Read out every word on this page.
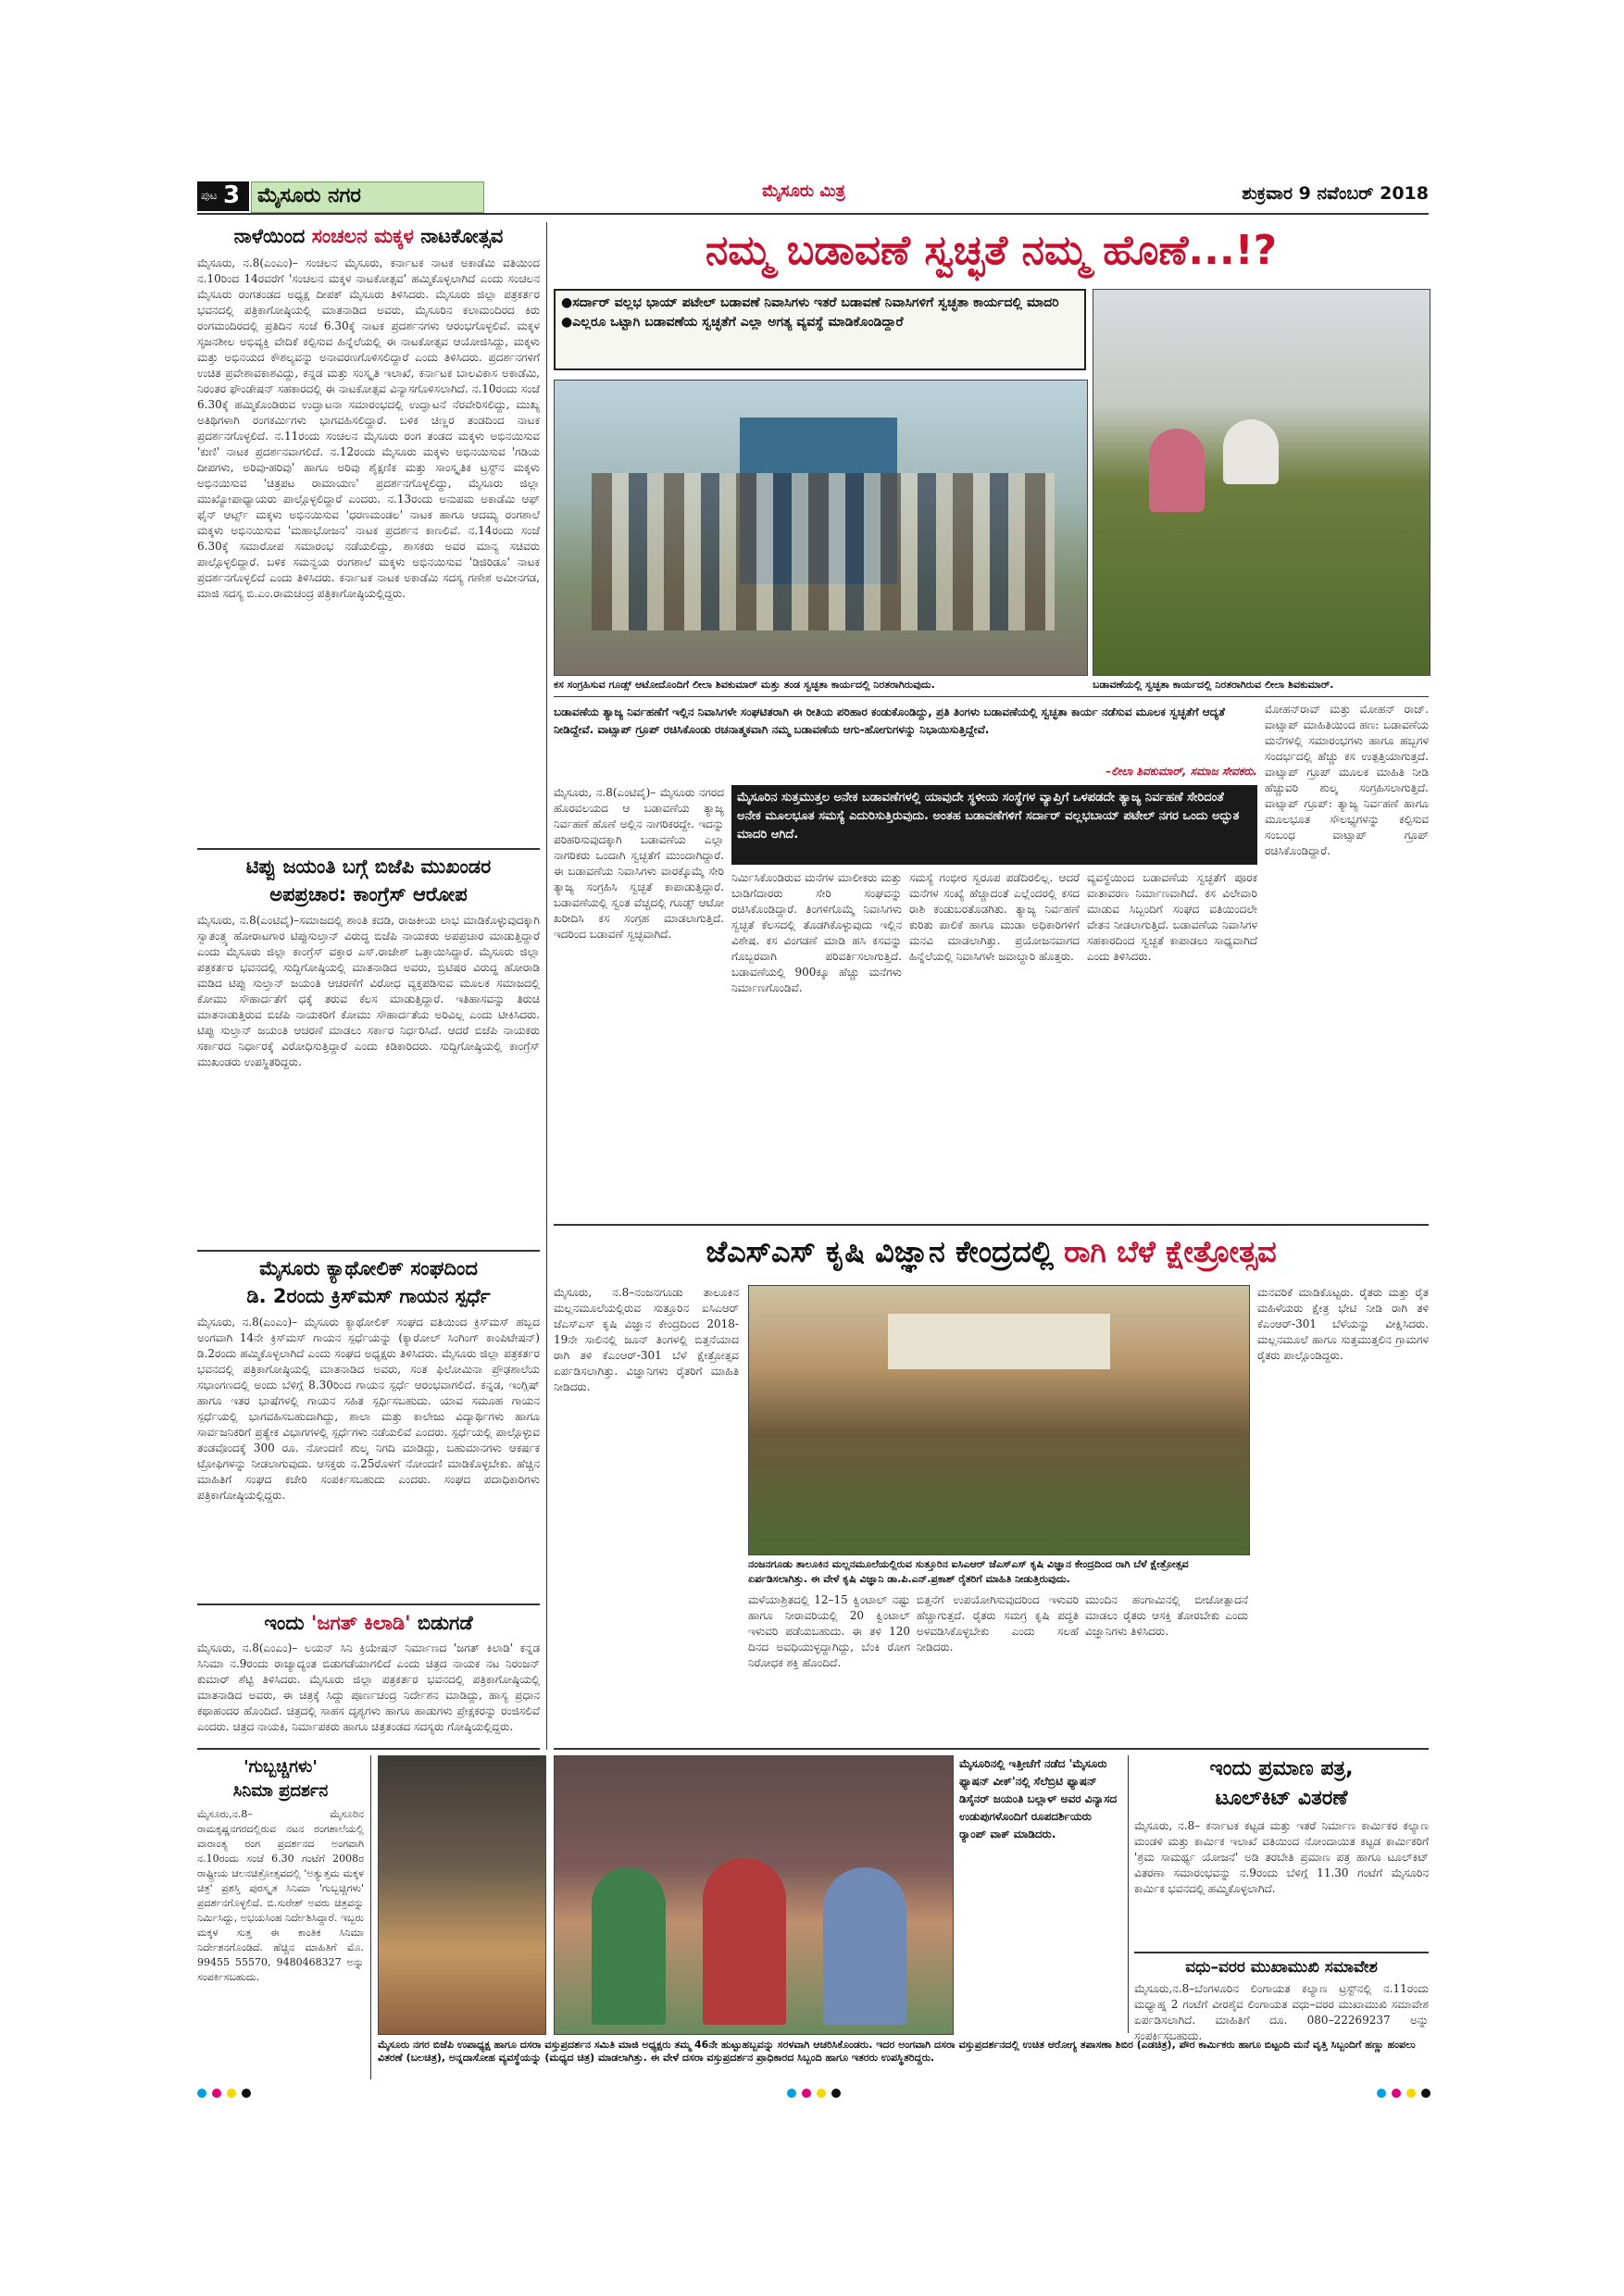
ಪುಟ 3 ಮೈಸೂರು ನಗರ	ಮೈಸೂರು ಮಿತ್ರ	ಶುಕ್ರವಾರ 9 ನವೆಂಬರ್ 2018
ನಾಳೆಯಿಂದ ಸಂಚಲನ ಮಕ್ಕಳ ನಾಟಕೋತ್ಸವ
ಮೈಸೂರು, ನ.8(ಎಂಎಂ)– ಸಂಚಲನ ಮೈಸೂರು, ಕರ್ನಾಟಕ ನಾಟಕ ಅಕಾಡೆಮಿ ವತಿಯಿಂದ ನ.10ರಿಂದ 14ರವರೆಗೆ 'ಸಂಚಲನ ಮಕ್ಕಳ ನಾಟಕೋತ್ಸವ' ಹಮ್ಮಿಕೊಳ್ಳಲಾಗಿದೆ ಎಂದು ಸಂಚಲನ ಮೈಸೂರು ರಂಗತಂಡದ ಅಧ್ಯಕ್ಷ ದೀಪಕ್ ಮೈಸೂರು ತಿಳಿಸಿದರು. ಮೈಸೂರು ಜಿಲ್ಲಾ ಪತ್ರಕರ್ತರ ಭವನದಲ್ಲಿ ಪತ್ರಿಕಾಗೋಷ್ಠಿಯಲ್ಲಿ ಮಾತನಾಡಿದ ಅವರು, ಮೈಸೂರಿನ ಕಲಾಮಂದಿರದ ಕಿರು ರಂಗಮಂದಿರದಲ್ಲಿ ಪ್ರತಿದಿನ ಸಂಜೆ 6.30ಕ್ಕೆ ನಾಟಕ ಪ್ರದರ್ಶನಗಳು ಆರಂಭಗೊಳ್ಳಲಿವೆ. ಮಕ್ಕಳ ಸೃಜನಶೀಲ ಅಭಿವ್ಯಕ್ತಿ ವೇದಿಕೆ ಕಲ್ಪಿಸುವ ಹಿನ್ನೆಲೆಯಲ್ಲಿ ಈ ನಾಟಕೋತ್ಸವ ಆಯೋಜಿಸಿದ್ದು, ಮಕ್ಕಳು ಮತ್ತು ಅಭಿನಯದ ಕೌಶಲ್ಯವನ್ನು ಅನಾವರಣಗೊಳಿಸಲಿದ್ದಾರೆ ಎಂದು ತಿಳಿಸಿದರು. ಪ್ರದರ್ಶನಗಳಿಗೆ ಉಚಿತ ಪ್ರವೇಶಾವಕಾಶವಿದ್ದು, ಕನ್ನಡ ಮತ್ತು ಸಂಸ್ಕೃತಿ ಇಲಾಖೆ, ಕರ್ನಾಟಕ ಬಾಲವಿಕಾಸ ಅಕಾಡೆಮಿ, ನಿರಂತರ ಫೌಂಡೇಷನ್ ಸಹಕಾರದಲ್ಲಿ ಈ ನಾಟಕೋತ್ಸವ ವಿನ್ಯಾಸಗೊಳಿಸಲಾಗಿದೆ. ನ.10ರಂದು ಸಂಜೆ 6.30ಕ್ಕೆ ಹಮ್ಮಿಕೊಂಡಿರುವ ಉದ್ಘಾಟನಾ ಸಮಾರಂಭದಲ್ಲಿ ಉದ್ಘಾಟನೆ ನೆರವೇರಿಸಲಿದ್ದು, ಮುಖ್ಯ ಅತಿಥಿಗಳಾಗಿ ರಂಗಕರ್ಮಿಗಳು ಭಾಗವಹಿಸಲಿದ್ದಾರೆ. ಬಳಿಕ ಚಿಣ್ಣರ ತಂಡದಿಂದ ನಾಟಕ ಪ್ರದರ್ಶನಗೊಳ್ಳಲಿದೆ. ನ.11ರಂದು ಸಂಚಲನ ಮೈಸೂರು ರಂಗ ತಂಡದ ಮಕ್ಕಳು ಅಭಿನಯಿಸುವ 'ಕುಣಿ' ನಾಟಕ ಪ್ರದರ್ಶನವಾಗಲಿದೆ. ನ.12ರಂದು ಮೈಸೂರು ಮಕ್ಕಳು ಅಭಿನಯಿಸುವ 'ಗಡಿಯ ದೀಪಗಳು, ಅರಿವು-ಹರಿವು' ಹಾಗೂ ಅರಿವು ಶೈಕ್ಷಣಿಕ ಮತ್ತು ಸಾಂಸ್ಕೃತಿಕ ಟ್ರಸ್ಟ್‌ನ ಮಕ್ಕಳು ಅಭಿನಯಿಸುವ 'ಚಿತ್ರಪಟ ರಾಮಾಯಣ' ಪ್ರದರ್ಶನಗೊಳ್ಳಲಿದ್ದು, ಮೈಸೂರು ಜಿಲ್ಲಾ ಮುಖ್ಯೋಪಾಧ್ಯಾಯರು ಪಾಲ್ಗೊಳ್ಳಲಿದ್ದಾರೆ ಎಂದರು. ನ.13ರಂದು ಅನುಪಮ ಅಕಾಡೆಮಿ ಆಫ್ ಫೈನ್ ಆರ್ಟ್ಸ್ ಮಕ್ಕಳು ಅಭಿನಯಿಸುವ 'ಧರಣಮಂಡಲ' ನಾಟಕ ಹಾಗೂ ಆದಮ್ಯ ರಂಗಶಾಲೆ ಮಕ್ಕಳು ಅಭಿನಯಿಸುವ 'ಮಹಾಭೋಜನ' ನಾಟಕ ಪ್ರದರ್ಶನ ಕಾಣಲಿವೆ. ನ.14ರಂದು ಸಂಜೆ 6.30ಕ್ಕೆ ಸಮಾರೋಪ ಸಮಾರಂಭ ನಡೆಯಲಿದ್ದು, ಶಾಸಕರು ಅವರ ಮಾನ್ಯ ಸಚಿವರು ಪಾಲ್ಗೊಳ್ಳಲಿದ್ದಾರೆ. ಬಳಿಕ ಸಮನ್ವಯ ರಂಗಶಾಲೆ ಮಕ್ಕಳು ಅಭಿನಯಿಸುವ 'ಡಿಜಿರಿಡೂ' ನಾಟಕ ಪ್ರದರ್ಶನಗೊಳ್ಳಲಿದೆ ಎಂದು ತಿಳಿಸಿದರು. ಕರ್ನಾಟಕ ನಾಟಕ ಅಕಾಡೆಮಿ ಸದಸ್ಯ ಗಣೇಶ ಅಮೀನಗಡ, ಮಾಜಿ ಸದಸ್ಯ ಬಿ.ಎಂ.ರಾಮಚಂದ್ರ ಪತ್ರಿಕಾಗೋಷ್ಠಿಯಲ್ಲಿದ್ದರು.
ಟಿಪ್ಪು ಜಯಂತಿ ಬಗ್ಗೆ ಬಿಜೆಪಿ ಮುಖಂಡರ
ಅಪಪ್ರಚಾರ: ಕಾಂಗ್ರೆಸ್ ಆರೋಪ
ಮೈಸೂರು, ನ.8(ಎಂಟಿವೈ)–ಸಮಾಜದಲ್ಲಿ ಶಾಂತಿ ಕದಡಿ, ರಾಜಕೀಯ ಲಾಭ ಮಾಡಿಕೊಳ್ಳುವುದಕ್ಕಾಗಿ ಸ್ವಾತಂತ್ರ್ಯ ಹೋರಾಟಗಾರ ಟಿಪ್ಪುಸುಲ್ತಾನ್ ವಿರುದ್ಧ ಬಿಜೆಪಿ ನಾಯಕರು ಅಪಪ್ರಚಾರ ಮಾಡುತ್ತಿದ್ದಾರೆ ಎಂದು ಮೈಸೂರು ಜಿಲ್ಲಾ ಕಾಂಗ್ರೆಸ್ ವಕ್ತಾರ ಎಸ್.ರಾಜೇಶ್ ಒತ್ತಾಯಿಸಿದ್ದಾರೆ. ಮೈಸೂರು ಜಿಲ್ಲಾ ಪತ್ರಕರ್ತರ ಭವನದಲ್ಲಿ ಸುದ್ದಿಗೋಷ್ಠಿಯಲ್ಲಿ ಮಾತನಾಡಿದ ಅವರು, ಬ್ರಿಟಿಷರ ವಿರುದ್ಧ ಹೋರಾಡಿ ಮಡಿದ ಟಿಪ್ಪು ಸುಲ್ತಾನ್ ಜಯಂತಿ ಆಚರಣೆಗೆ ವಿರೋಧ ವ್ಯಕ್ತಪಡಿಸುವ ಮೂಲಕ ಸಮಾಜದಲ್ಲಿ ಕೋಮು ಸೌಹಾರ್ದತೆಗೆ ಧಕ್ಕೆ ತರುವ ಕೆಲಸ ಮಾಡುತ್ತಿದ್ದಾರೆ. ಇತಿಹಾಸವನ್ನು ತಿರುಚಿ ಮಾತನಾಡುತ್ತಿರುವ ಬಿಜೆಪಿ ನಾಯಕರಿಗೆ ಕೋಮು ಸೌಹಾರ್ದತೆಯ ಅರಿವಿಲ್ಲ ಎಂದು ಟೀಕಿಸಿದರು. ಟಿಪ್ಪು ಸುಲ್ತಾನ್ ಜಯಂತಿ ಆಚರಣೆ ಮಾಡಲು ಸರ್ಕಾರ ನಿರ್ಧರಿಸಿದೆ. ಆದರೆ ಬಿಜೆಪಿ ನಾಯಕರು ಸರ್ಕಾರದ ನಿರ್ಧಾರಕ್ಕೆ ವಿರೋಧಿಸುತ್ತಿದ್ದಾರೆ ಎಂದು ಕಿಡಿಕಾರಿದರು. ಸುದ್ದಿಗೋಷ್ಠಿಯಲ್ಲಿ ಕಾಂಗ್ರೆಸ್ ಮುಖಂಡರು ಉಪಸ್ಥಿತರಿದ್ದರು.
ಮೈಸೂರು ಕ್ಯಾಥೋಲಿಕ್ ಸಂಘದಿಂದ
ಡಿ. 2ರಂದು ಕ್ರಿಸ್‌ಮಸ್ ಗಾಯನ ಸ್ಪರ್ಧೆ
ಮೈಸೂರು, ನ.8(ಎಂಎಂ)– ಮೈಸೂರು ಕ್ಯಾಥೋಲಿಕ್ ಸಂಘದ ವತಿಯಿಂದ ಕ್ರಿಸ್‌ಮಸ್ ಹಬ್ಬದ ಅಂಗವಾಗಿ 14ನೇ ಕ್ರಿಸ್‌ಮಸ್ ಗಾಯನ ಸ್ಪರ್ಧೆಯನ್ನು (ಕ್ಯಾರೋಲ್ ಸಿಂಗಿಂಗ್ ಕಾಂಪಿಟೇಷನ್) ಡಿ.2ರಂದು ಹಮ್ಮಿಕೊಳ್ಳಲಾಗಿದೆ ಎಂದು ಸಂಘದ ಅಧ್ಯಕ್ಷರು ತಿಳಿಸಿದರು. ಮೈಸೂರು ಜಿಲ್ಲಾ ಪತ್ರಕರ್ತರ ಭವನದಲ್ಲಿ ಪತ್ರಿಕಾಗೋಷ್ಠಿಯಲ್ಲಿ ಮಾತನಾಡಿದ ಅವರು, ಸಂತ ಫಿಲೋಮಿನಾ ಪ್ರೌಢಶಾಲೆಯ ಸಭಾಂಗಣದಲ್ಲಿ ಅಂದು ಬೆಳಿಗ್ಗೆ 8.30ರಿಂದ ಗಾಯನ ಸ್ಪರ್ಧೆ ಆರಂಭವಾಗಲಿದೆ. ಕನ್ನಡ, ಇಂಗ್ಲಿಷ್ ಹಾಗೂ ಇತರ ಭಾಷೆಗಳಲ್ಲಿ ಗಾಯನ ಸಹಿತ ಸ್ಪರ್ಧಿಸಬಹುದು. ಯಾವ ಸಮೂಹ ಗಾಯನ ಸ್ಪರ್ಧೆಯಲ್ಲಿ ಭಾಗವಹಿಸಬಹುದಾಗಿದ್ದು, ಶಾಲಾ ಮತ್ತು ಕಾಲೇಜು ವಿದ್ಯಾರ್ಥಿಗಳು ಹಾಗೂ ಸಾರ್ವಜನಿಕರಿಗೆ ಪ್ರತ್ಯೇಕ ವಿಭಾಗಗಳಲ್ಲಿ ಸ್ಪರ್ಧೆಗಳು ನಡೆಯಲಿವೆ ಎಂದರು. ಸ್ಪರ್ಧೆಯಲ್ಲಿ ಪಾಲ್ಗೊಳ್ಳುವ ತಂಡವೊಂದಕ್ಕೆ 300 ರೂ. ನೋಂದಣಿ ಶುಲ್ಕ ನಿಗದಿ ಮಾಡಿದ್ದು, ಬಹುಮಾನಗಳು ಆಕರ್ಷಕ ಟ್ರೋಫಿಗಳನ್ನು ನೀಡಲಾಗುವುದು. ಆಸಕ್ತರು ನ.25ರೊಳಗೆ ನೋಂದಣಿ ಮಾಡಿಕೊಳ್ಳಬೇಕು. ಹೆಚ್ಚಿನ ಮಾಹಿತಿಗೆ ಸಂಘದ ಕಚೇರಿ ಸಂಪರ್ಕಿಸಬಹುದು ಎಂದರು. ಸಂಘದ ಪದಾಧಿಕಾರಿಗಳು ಪತ್ರಿಕಾಗೋಷ್ಠಿಯಲ್ಲಿದ್ದರು.
ಇಂದು 'ಜಗತ್ ಕಿಲಾಡಿ' ಬಿಡುಗಡೆ
ಮೈಸೂರು, ನ.8(ಎಂಎಂ)– ಲಯನ್ ಸಿನಿ ಕ್ರಿಯೇಷನ್ ನಿರ್ಮಾಣದ 'ಜಗತ್ ಕಿಲಾಡಿ' ಕನ್ನಡ ಸಿನಿಮಾ ನ.9ರಂದು ರಾಜ್ಯಾದ್ಯಂತ ಬಿಡುಗಡೆಯಾಗಲಿದೆ ಎಂದು ಚಿತ್ರದ ನಾಯಕ ನಟ ನಿರಂಜನ್ ಕುಮಾರ್ ಶೆಟ್ಟಿ ತಿಳಿಸಿದರು. ಮೈಸೂರು ಜಿಲ್ಲಾ ಪತ್ರಕರ್ತರ ಭವನದಲ್ಲಿ ಪತ್ರಿಕಾಗೋಷ್ಠಿಯಲ್ಲಿ ಮಾತನಾಡಿದ ಅವರು, ಈ ಚಿತ್ರಕ್ಕೆ ಸಿದ್ದು ಪೂರ್ಣಚಂದ್ರ ನಿರ್ದೇಶನ ಮಾಡಿದ್ದು, ಹಾಸ್ಯ ಪ್ರಧಾನ ಕಥಾಹಂದರ ಹೊಂದಿದೆ. ಚಿತ್ರದಲ್ಲಿ ಸಾಹಸ ದೃಶ್ಯಗಳು ಹಾಗೂ ಹಾಡುಗಳು ಪ್ರೇಕ್ಷಕರನ್ನು ರಂಜಿಸಲಿವೆ ಎಂದರು. ಚಿತ್ರದ ನಾಯಕಿ, ನಿರ್ಮಾಪಕರು ಹಾಗೂ ಚಿತ್ರತಂಡದ ಸದಸ್ಯರು ಗೋಷ್ಠಿಯಲ್ಲಿದ್ದರು.
ನಮ್ಮ ಬಡಾವಣೆ ಸ್ವಚ್ಛತೆ ನಮ್ಮ ಹೊಣೆ...!?
●ಸರ್ದಾರ್ ವಲ್ಲಭ ಭಾಯ್ ಪಟೇಲ್ ಬಡಾವಣೆ ನಿವಾಸಿಗಳು ಇತರೆ ಬಡಾವಣೆ ನಿವಾಸಿಗಳಿಗೆ ಸ್ವಚ್ಛತಾ ಕಾರ್ಯದಲ್ಲಿ ಮಾದರಿ ●ಎಲ್ಲರೂ ಒಟ್ಟಾಗಿ ಬಡಾವಣೆಯ ಸ್ವಚ್ಛತೆಗೆ ಎಲ್ಲಾ ಅಗತ್ಯ ವ್ಯವಸ್ಥೆ ಮಾಡಿಕೊಂಡಿದ್ದಾರೆ
ಕಸ ಸಂಗ್ರಹಿಸುವ ಗೂಡ್ಸ್ ಆಟೋದೊಂದಿಗೆ ಲೀಲಾ ಶಿವಕುಮಾರ್ ಮತ್ತು ತಂಡ ಸ್ವಚ್ಛತಾ ಕಾರ್ಯದಲ್ಲಿ ನಿರತರಾಗಿರುವುದು.	ಬಡಾವಣೆಯಲ್ಲಿ ಸ್ವಚ್ಛತಾ ಕಾರ್ಯದಲ್ಲಿ ನಿರತರಾಗಿರುವ ಲೀಲಾ ಶಿವಕುಮಾರ್.
ಬಡಾವಣೆಯ ತ್ಯಾಜ್ಯ ನಿರ್ವಹಣೆಗೆ ಇಲ್ಲಿನ ನಿವಾಸಿಗಳೇ ಸಂಘಟಿತರಾಗಿ ಈ ರೀತಿಯ ಪರಿಹಾರ ಕಂಡುಕೊಂಡಿದ್ದು, ಪ್ರತಿ ತಿಂಗಳು ಬಡಾವಣೆಯಲ್ಲಿ ಸ್ವಚ್ಛತಾ ಕಾರ್ಯ ನಡೆಸುವ ಮೂಲಕ ಸ್ವಚ್ಛತೆಗೆ ಆದ್ಯತೆ ನೀಡಿದ್ದೇವೆ. ವಾಟ್ಸಾಪ್ ಗ್ರೂಪ್ ರಚಿಸಿಕೊಂಡು ರಚನಾತ್ಮಕವಾಗಿ ನಮ್ಮ ಬಡಾವಣೆಯ ಆಗು-ಹೋಗುಗಳನ್ನು ನಿಭಾಯಿಸುತ್ತಿದ್ದೇವೆ.
–ಲೀಲಾ ಶಿವಕುಮಾರ್, ಸಮಾಜ ಸೇವಕರು.
ಮೈಸೂರಿನ ಸುತ್ತಮುತ್ತಲ ಅನೇಕ ಬಡಾವಣೆಗಳಲ್ಲಿ ಯಾವುದೇ ಸ್ಥಳೀಯ ಸಂಸ್ಥೆಗಳ ವ್ಯಾಪ್ತಿಗೆ ಒಳಪಡದೇ ತ್ಯಾಜ್ಯ ನಿರ್ವಹಣೆ ಸೇರಿದಂತೆ ಅನೇಕ ಮೂಲಭೂತ ಸಮಸ್ಯೆ ಎದುರಿಸುತ್ತಿರುವುದು. ಅಂತಹ ಬಡಾವಣೆಗಳಿಗೆ ಸರ್ದಾರ್ ವಲ್ಲಭಬಾಯ್ ಪಟೇಲ್ ನಗರ ಒಂದು ಅದ್ಭುತ ಮಾದರಿ ಆಗಿದೆ.
ಮೈಸೂರು, ನ.8(ಎಂಟಿವೈ)– ಮೈಸೂರು ನಗರದ ಹೊರವಲಯದ ಆ ಬಡಾವಣೆಯ ತ್ಯಾಜ್ಯ ನಿರ್ವಹಣೆ ಹೊಣೆ ಅಲ್ಲಿನ ನಾಗರಿಕರದ್ದೇ. ಇದನ್ನು ಪರಿಹರಿಸುವುದಕ್ಕಾಗಿ ಬಡಾವಣೆಯ ಎಲ್ಲಾ ನಾಗರಿಕರು ಒಂದಾಗಿ ಸ್ವಚ್ಛತೆಗೆ ಮುಂದಾಗಿದ್ದಾರೆ. ಈ ಬಡಾವಣೆಯ ನಿವಾಸಿಗಳು ವಾರಕ್ಕೊಮ್ಮೆ ಸೇರಿ ತ್ಯಾಜ್ಯ ಸಂಗ್ರಹಿಸಿ ಸ್ವಚ್ಛತೆ ಕಾಪಾಡುತ್ತಿದ್ದಾರೆ. ಬಡಾವಣೆಯಲ್ಲಿ ಸ್ವಂತ ವೆಚ್ಚದಲ್ಲಿ ಗೂಡ್ಸ್ ಆಟೋ ಖರೀದಿಸಿ ಕಸ ಸಂಗ್ರಹ ಮಾಡಲಾಗುತ್ತಿದೆ. ಇದರಿಂದ ಬಡಾವಣೆ ಸ್ವಚ್ಛವಾಗಿದೆ.
ನಿರ್ಮಿಸಿಕೊಂಡಿರುವ ಮನೆಗಳ ಮಾಲೀಕರು ಮತ್ತು ಬಾಡಿಗೆದಾರರು ಸೇರಿ ಸಂಘವನ್ನು ರಚಿಸಿಕೊಂಡಿದ್ದಾರೆ. ತಿಂಗಳಿಗೊಮ್ಮೆ ನಿವಾಸಿಗಳು ಸ್ವಚ್ಛತೆ ಕೆಲಸದಲ್ಲಿ ತೊಡಗಿಕೊಳ್ಳುವುದು ಇಲ್ಲಿನ ವಿಶೇಷ. ಕಸ ವಿಂಗಡಣೆ ಮಾಡಿ ಹಸಿ ಕಸವನ್ನು ಗೊಬ್ಬರವಾಗಿ ಪರಿವರ್ತಿಸಲಾಗುತ್ತಿದೆ. ಬಡಾವಣೆಯಲ್ಲಿ 900ಕ್ಕೂ ಹೆಚ್ಚು ಮನೆಗಳು ನಿರ್ಮಾಣಗೊಂಡಿವೆ.
ಸಮಸ್ಯೆ ಗಂಭೀರ ಸ್ವರೂಪ ಪಡೆದಿರಲಿಲ್ಲ. ಆದರೆ ಮನೆಗಳ ಸಂಖ್ಯೆ ಹೆಚ್ಚಾದಂತೆ ಎಲ್ಲೆಂದರಲ್ಲಿ ಕಸದ ರಾಶಿ ಕಂಡುಬರತೊಡಗಿತು. ತ್ಯಾಜ್ಯ ನಿರ್ವಹಣೆ ಕುರಿತು ಪಾಲಿಕೆ ಹಾಗೂ ಮುಡಾ ಅಧಿಕಾರಿಗಳಿಗೆ ಮನವಿ ಮಾಡಲಾಗಿತ್ತು. ಪ್ರಯೋಜನವಾಗದ ಹಿನ್ನೆಲೆಯಲ್ಲಿ ನಿವಾಸಿಗಳೇ ಜವಾಬ್ದಾರಿ ಹೊತ್ತರು.
ವ್ಯವಸ್ಥೆಯಿಂದ ಬಡಾವಣೆಯ ಸ್ವಚ್ಛತೆಗೆ ಪೂರಕ ವಾತಾವರಣ ನಿರ್ಮಾಣವಾಗಿದೆ. ಕಸ ವಿಲೇವಾರಿ ಮಾಡುವ ಸಿಬ್ಬಂದಿಗೆ ಸಂಘದ ವತಿಯಿಂದಲೇ ವೇತನ ನೀಡಲಾಗುತ್ತಿದೆ. ಬಡಾವಣೆಯ ನಿವಾಸಿಗಳ ಸಹಕಾರದಿಂದ ಸ್ವಚ್ಛತೆ ಕಾಪಾಡಲು ಸಾಧ್ಯವಾಗಿದೆ ಎಂದು ತಿಳಿಸಿದರು.
ಮೋಹನ್‌ರಾವ್ ಮತ್ತು ಮೋಹನ್ ರಾಜ್. ವಾಟ್ಸಾಪ್ ಮಾಹಿತಿಯಿಂದ ಹಣ: ಬಡಾವಣೆಯ ಮನೆಗಳಲ್ಲಿ ಸಮಾರಂಭಗಳು ಹಾಗೂ ಹಬ್ಬಗಳ ಸಂದರ್ಭದಲ್ಲಿ ಹೆಚ್ಚು ಕಸ ಉತ್ಪತ್ತಿಯಾಗುತ್ತದೆ. ವಾಟ್ಸಾಪ್ ಗ್ರೂಪ್ ಮೂಲಕ ಮಾಹಿತಿ ನೀಡಿ ಹೆಚ್ಚುವರಿ ಶುಲ್ಕ ಸಂಗ್ರಹಿಸಲಾಗುತ್ತಿದೆ. ವಾಟ್ಸಾಪ್ ಗ್ರೂಪ್: ತ್ಯಾಜ್ಯ ನಿರ್ವಹಣೆ ಹಾಗೂ ಮೂಲಭೂತ ಸೌಲಭ್ಯಗಳನ್ನು ಕಲ್ಪಿಸುವ ಸಂಬಂಧ ವಾಟ್ಸಾಪ್ ಗ್ರೂಪ್ ರಚಿಸಿಕೊಂಡಿದ್ದಾರೆ.
ಜೆಎಸ್‌ಎಸ್ ಕೃಷಿ ವಿಜ್ಞಾನ ಕೇಂದ್ರದಲ್ಲಿ ರಾಗಿ ಬೆಳೆ ಕ್ಷೇತ್ರೋತ್ಸವ
ಮೈಸೂರು, ನ.8–ನಂಜನಗೂಡು ತಾಲೂಕಿನ ಮಲ್ಲನಮೂಲೆಯಲ್ಲಿರುವ ಸುತ್ತೂರಿನ ಐಸಿಎಆರ್ ಜೆಎಸ್‌ಎಸ್ ಕೃಷಿ ವಿಜ್ಞಾನ ಕೇಂದ್ರದಿಂದ 2018-19ನೇ ಸಾಲಿನಲ್ಲಿ ಜೂನ್ ತಿಂಗಳಲ್ಲಿ ಬಿತ್ತನೆಯಾದ ರಾಗಿ ತಳಿ ಕೆಎಂಆರ್-301 ಬೆಳೆ ಕ್ಷೇತ್ರೋತ್ಸವ ಏರ್ಪಡಿಸಲಾಗಿತ್ತು. ವಿಜ್ಞಾನಿಗಳು ರೈತರಿಗೆ ಮಾಹಿತಿ ನೀಡಿದರು.
ನಂಜನಗೂಡು ತಾಲೂಕಿನ ಮಲ್ಲನಮೂಲೆಯಲ್ಲಿರುವ ಸುತ್ತೂರಿನ ಐಸಿಎಆರ್ ಜೆಎಸ್‌ಎಸ್ ಕೃಷಿ ವಿಜ್ಞಾನ ಕೇಂದ್ರದಿಂದ ರಾಗಿ ಬೆಳೆ ಕ್ಷೇತ್ರೋತ್ಸವ ಏರ್ಪಡಿಸಲಾಗಿತ್ತು. ಈ ವೇಳೆ ಕೃಷಿ ವಿಜ್ಞಾನಿ ಡಾ.ಪಿ.ಎನ್.ಪ್ರಕಾಶ್ ರೈತರಿಗೆ ಮಾಹಿತಿ ನೀಡುತ್ತಿರುವುದು.
ಮನವರಿಕೆ ಮಾಡಿಕೊಟ್ಟರು. ರೈತರು ಮತ್ತು ರೈತ ಮಹಿಳೆಯರು ಕ್ಷೇತ್ರ ಭೇಟಿ ನೀಡಿ ರಾಗಿ ತಳಿ ಕೆಎಂಆರ್-301 ಬೆಳೆಯನ್ನು ವೀಕ್ಷಿಸಿದರು. ಮಲ್ಲನಮೂಲೆ ಹಾಗೂ ಸುತ್ತಮುತ್ತಲಿನ ಗ್ರಾಮಗಳ ರೈತರು ಪಾಲ್ಗೊಂಡಿದ್ದರು.
ಮಳೆಯಾಶ್ರಿತದಲ್ಲಿ 12–15 ಕ್ವಿಂಟಾಲ್ ನಷ್ಟು ಹಾಗೂ ನೀರಾವರಿಯಲ್ಲಿ 20 ಕ್ವಿಂಟಾಲ್ ಇಳುವರಿ ಪಡೆಯಬಹುದು. ಈ ತಳಿ 120 ದಿನದ ಅವಧಿಯುಳ್ಳದ್ದಾಗಿದ್ದು, ಬೆಂಕಿ ರೋಗ ನಿರೋಧಕ ಶಕ್ತಿ ಹೊಂದಿದೆ.
ಬಿತ್ತನೆಗೆ ಉಪಯೋಗಿಸುವುದರಿಂದ ಇಳುವರಿ ಹೆಚ್ಚಾಗುತ್ತದೆ. ರೈತರು ಸಮಗ್ರ ಕೃಷಿ ಪದ್ಧತಿ ಅಳವಡಿಸಿಕೊಳ್ಳಬೇಕು ಎಂದು ಸಲಹೆ ನೀಡಿದರು.
ಮುಂದಿನ ಹಂಗಾಮಿನಲ್ಲಿ ಬೀಜೋತ್ಪಾದನೆ ಮಾಡಲು ರೈತರು ಆಸಕ್ತಿ ತೋರಬೇಕು ಎಂದು ವಿಜ್ಞಾನಿಗಳು ತಿಳಿಸಿದರು.
ಮೈಸೂರಿನಲ್ಲಿ ಇತ್ತೀಚೆಗೆ ನಡೆದ 'ಮೈಸೂರು ಫ್ಯಾಷನ್ ವೀಕ್'ನಲ್ಲಿ ಸೆಲೆಬ್ರಿಟಿ ಫ್ಯಾಷನ್ ಡಿಸೈನರ್ ಜಯಂತಿ ಬಲ್ಲಾಳ್ ಅವರ ವಿನ್ಯಾಸದ ಉಡುಪುಗಳೊಂದಿಗೆ ರೂಪದರ್ಶಿಯರು ರ‍್ಯಾಂಪ್ ವಾಕ್ ಮಾಡಿದರು.
ಇಂದು ಪ್ರಮಾಣ ಪತ್ರ,
ಟೂಲ್‌ಕಿಟ್ ವಿತರಣೆ
ಮೈಸೂರು, ನ.8– ಕರ್ನಾಟಕ ಕಟ್ಟಡ ಮತ್ತು ಇತರೆ ನಿರ್ಮಾಣ ಕಾರ್ಮಿಕರ ಕಲ್ಯಾಣ ಮಂಡಳಿ ಮತ್ತು ಕಾರ್ಮಿಕ ಇಲಾಖೆ ವತಿಯಿಂದ ನೋಂದಾಯಿತ ಕಟ್ಟಡ ಕಾರ್ಮಿಕರಿಗೆ 'ಶ್ರಮ ಸಾಮರ್ಥ್ಯ ಯೋಜನೆ' ಅಡಿ ತರಬೇತಿ ಪ್ರಮಾಣ ಪತ್ರ ಹಾಗೂ ಟೂಲ್‌ಕಿಟ್ ವಿತರಣಾ ಸಮಾರಂಭವನ್ನು ನ.9ರಂದು ಬೆಳಿಗ್ಗೆ 11.30 ಗಂಟೆಗೆ ಮೈಸೂರಿನ ಕಾರ್ಮಿಕ ಭವನದಲ್ಲಿ ಹಮ್ಮಿಕೊಳ್ಳಲಾಗಿದೆ.
ವಧು–ವರರ ಮುಖಾಮುಖಿ ಸಮಾವೇಶ
ಮೈಸೂರು,ನ.8–ಬೆಂಗಳೂರಿನ ಲಿಂಗಾಯತ ಕಲ್ಯಾಣ ಟ್ರಸ್ಟ್‌ನಲ್ಲಿ ನ.11ರಂದು ಮಧ್ಯಾಹ್ನ 2 ಗಂಟೆಗೆ ವೀರಶೈವ ಲಿಂಗಾಯತ ವಧು–ವರರ ಮುಖಾಮುಖಿ ಸಮಾವೇಶ ಏರ್ಪಡಿಸಲಾಗಿದೆ. ಮಾಹಿತಿಗೆ ದೂ. 080–22269237 ಅನ್ನು ಸಂಪರ್ಕಿಸಬಹುದು.
'ಗುಬ್ಬಚ್ಚಿಗಳು'
ಸಿನಿಮಾ ಪ್ರದರ್ಶನ
ಮೈಸೂರು,ನ.8– ಮೈಸೂರಿನ ರಾಮಕೃಷ್ಣನಗರದಲ್ಲಿರುವ ನಟನ ರಂಗಶಾಲೆಯಲ್ಲಿ ವಾರಾಂತ್ಯ ರಂಗ ಪ್ರದರ್ಶನದ ಅಂಗವಾಗಿ ನ.10ರಂದು ಸಂಜೆ 6.30 ಗಂಟೆಗೆ 2008ರ ರಾಷ್ಟ್ರೀಯ ಚಲನಚಿತ್ರೋತ್ಸವದಲ್ಲಿ 'ಅತ್ಯುತ್ತಮ ಮಕ್ಕಳ ಚಿತ್ರ' ಪ್ರಶಸ್ತಿ ಪುರಸ್ಕೃತ ಸಿನಿಮಾ 'ಗುಬ್ಬಚ್ಚಿಗಳು' ಪ್ರದರ್ಶನಗೊಳ್ಳಲಿದೆ. ಬಿ.ಸುರೇಶ್ ಅವರು ಚಿತ್ರವನ್ನು ನಿರ್ಮಿಸಿದ್ದು, ಅಭಯಸಿಂಹ ನಿರ್ದೇಶಿಸಿದ್ದಾರೆ. ಇಬ್ಬರು ಮಕ್ಕಳ ಸುತ್ತ ಈ ಕಾಂತಿಕ ಸಿನಿಮಾ ನಿರ್ದೇಶನಗೊಂಡಿದೆ. ಹೆಚ್ಚಿನ ಮಾಹಿತಿಗೆ ಮೊ. 99455 55570, 9480468327 ಅನ್ನು ಸಂಪರ್ಕಿಸಬಹುದು.
ಮೈಸೂರು ನಗರ ಬಿಜೆಪಿ ಉಪಾಧ್ಯಕ್ಷ ಹಾಗೂ ದಸರಾ ವಸ್ತುಪ್ರದರ್ಶನ ಸಮಿತಿ ಮಾಜಿ ಅಧ್ಯಕ್ಷರು ತಮ್ಮ 46ನೇ ಹುಟ್ಟುಹಬ್ಬವನ್ನು ಸರಳವಾಗಿ ಆಚರಿಸಿಕೊಂಡರು. ಇದರ ಅಂಗವಾಗಿ ದಸರಾ ವಸ್ತುಪ್ರದರ್ಶನದಲ್ಲಿ ಉಚಿತ ಆರೋಗ್ಯ ತಪಾಸಣಾ ಶಿಬಿರ (ಎಡಚಿತ್ರ), ಪೌರ ಕಾರ್ಮಿಕರು ಹಾಗೂ ಬಿಟ್ಟಂದಿ ಮನೆ ವೃತ್ತಿ ಸಿಬ್ಬಂದಿಗೆ ಹಣ್ಣು ಹಂಪಲು ವಿತರಣೆ (ಬಲಚಿತ್ರ), ಅನ್ನದಾಸೋಹ ವ್ಯವಸ್ಥೆಯನ್ನು (ಮಧ್ಯದ ಚಿತ್ರ) ಮಾಡಲಾಗಿತ್ತು. ಈ ವೇಳೆ ದಸರಾ ವಸ್ತುಪ್ರದರ್ಶನ ಪ್ರಾಧಿಕಾರದ ಸಿಬ್ಬಂದಿ ಹಾಗೂ ಇತರರು ಉಪಸ್ಥಿತರಿದ್ದರು.
